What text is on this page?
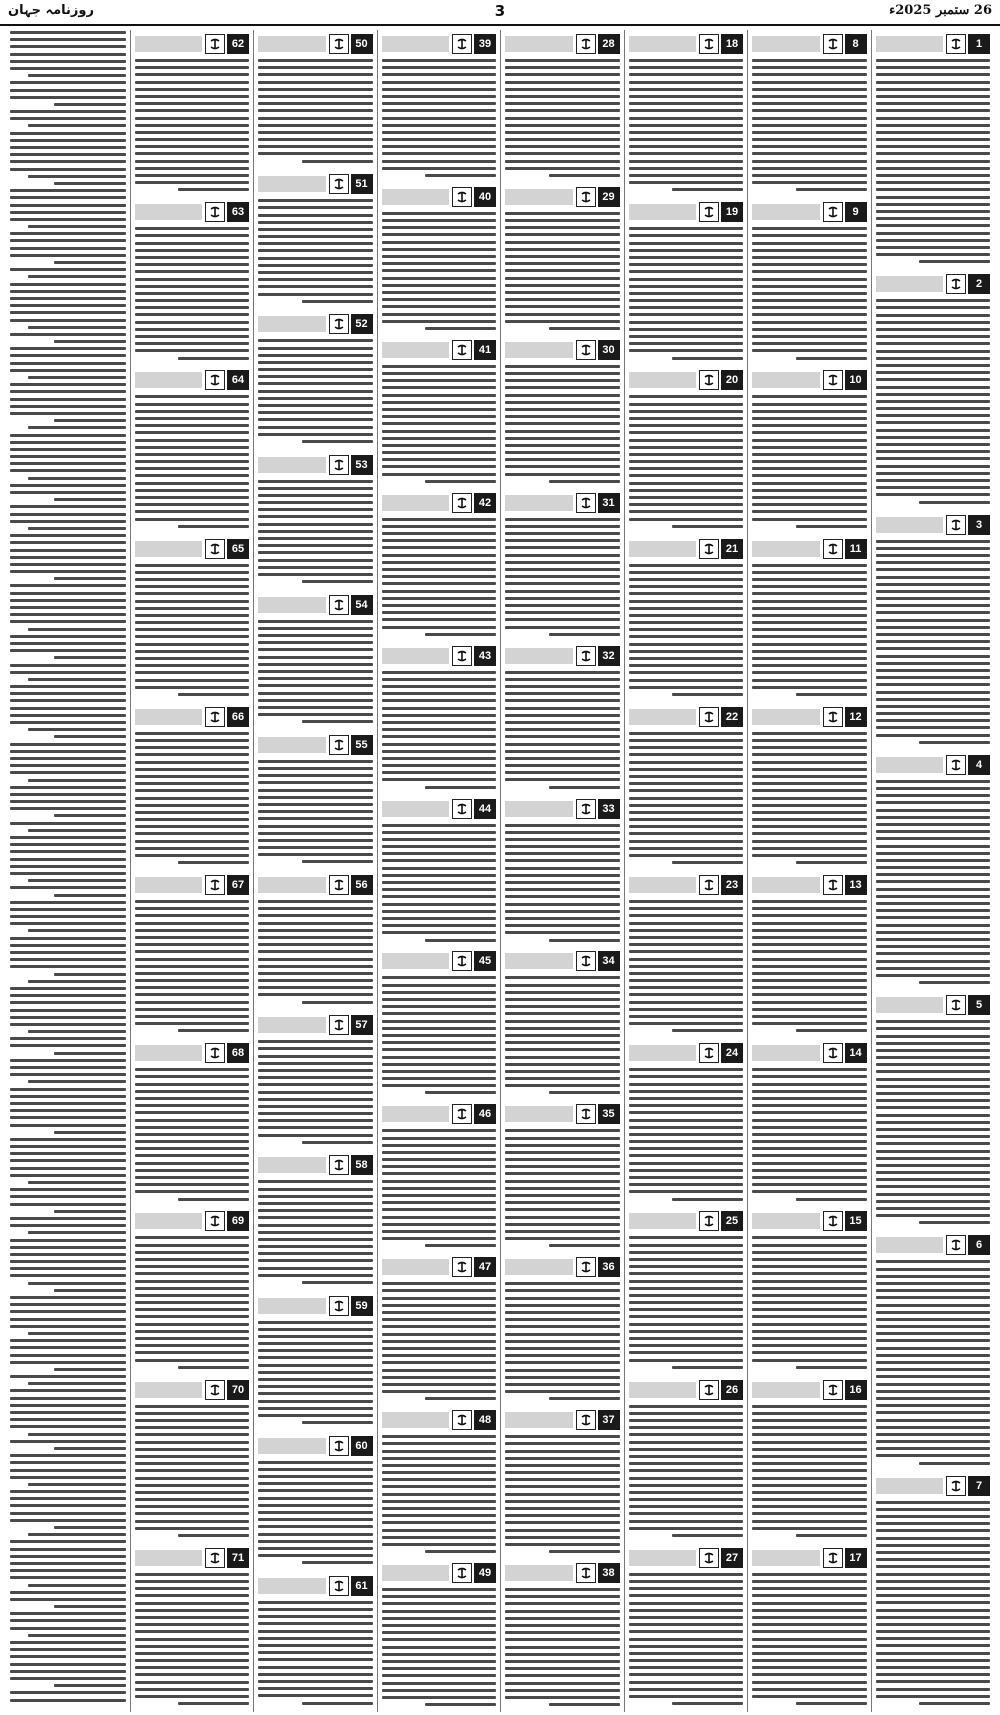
روزنامہ جہان	3	26 ستمبر 2025ء
1
2
3
4
5
6
7
8
9
10
11
12
13
14
15
16
17
18
19
20
21
22
23
24
25
26
27
28
29
30
31
32
33
34
35
36
37
38
39
40
41
42
43
44
45
46
47
48
49
50
51
52
53
54
55
56
57
58
59
60
61
62
63
64
65
66
67
68
69
70
71
